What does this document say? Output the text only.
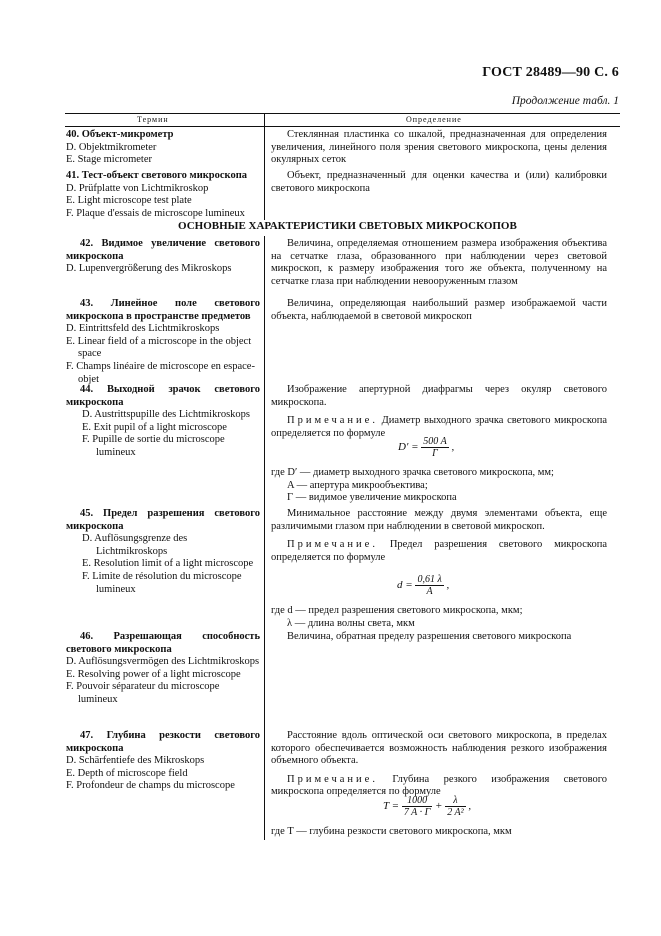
ГОСТ 28489—90 С. 6
Продолжение табл. 1
Термин	Определение
40. Объект-микрометр
D. Objektmikrometer
E. Stage micrometer

Стеклянная пластинка со шкалой, предназначенная для определения увеличения, линейного поля зрения светового микроскопа, цены деления окулярных сеток

41. Тест-объект светового микроскопа
D. Prüfplatte von Lichtmikroskop
E. Light microscope test plate
F. Plaque d'essais de microscope lumineux

Объект, предназначенный для оценки качества и (или) калибровки светового микроскопа

ОСНОВНЫЕ ХАРАКТЕРИСТИКИ СВЕТОВЫХ МИКРОСКОПОВ
42. Видимое увеличение светового микроскопа
D. Lupenvergrößerung des Mikroskops

Величина, определяемая отношением размера изображения объектива на сетчатке глаза, образованного при наблюдении через световой микроскоп, к размеру изображения того же объекта, полученному на сетчатке глаза при наблюдении невооруженным глазом

43. Линейное поле светового микроскопа в пространстве предметов
D. Eintrittsfeld des Lichtmikroskops
E. Linear field of a microscope in the object space
F. Champs linéaire de microscope en espace-objet

Величина, определяющая наибольший размер изображаемой части объекта, наблюдаемой в световой микроскоп

44. Выходной зрачок светового микроскопа
D. Austrittspupille des Lichtmikroskops
E. Exit pupil of a light microscope
F. Pupille de sortie du microscope lumineux

Изображение апертурной диафрагмы через окуляр светового микроскопа.

Примечание. Диаметр выходного зрачка светового микроскопа определяется по формуле

$D' = \frac{500 A}{Г}$ ,
где D′ — диаметр выходного зрачка светового микроскопа, мм;
A — апертура микрообъектива;
Г — видимое увеличение микроскопа
45. Предел разрешения светового микроскопа
D. Auflösungsgrenze des Lichtmikroskops
E. Resolution limit of a light microscope
F. Limite de résolution du microscope lumineux

Минимальное расстояние между двумя элементами объекта, еще различимыми глазом при наблюдении в световой микроскоп.

Примечание. Предел разрешения светового микроскопа определяется по формуле

$d = \frac{0,61 \lambda}{A}$ ,
где d — предел разрешения светового микроскопа, мкм;
λ — длина волны света, мкм
46. Разрешающая способность светового микроскопа
D. Auflösungsvermögen des Lichtmikroskops
E. Resolving power of a light microscope
F. Pouvoir séparateur du microscope lumineux

Величина, обратная пределу разрешения светового микроскопа

47. Глубина резкости светового микроскопа
D. Schärfentiefe des Mikroskops
E. Depth of microscope field
F. Profondeur de champs du microscope

Расстояние вдоль оптической оси светового микроскопа, в пределах которого обеспечивается возможность наблюдения резкого изображения объемного объекта.

Примечание. Глубина резкого изображения светового микроскопа определяется по формуле

$T = \frac{1000}{7 A \cdot Г} + \frac{\lambda}{\text{2 A²}}$ ,
где T — глубина резкости светового микроскопа, мкм
